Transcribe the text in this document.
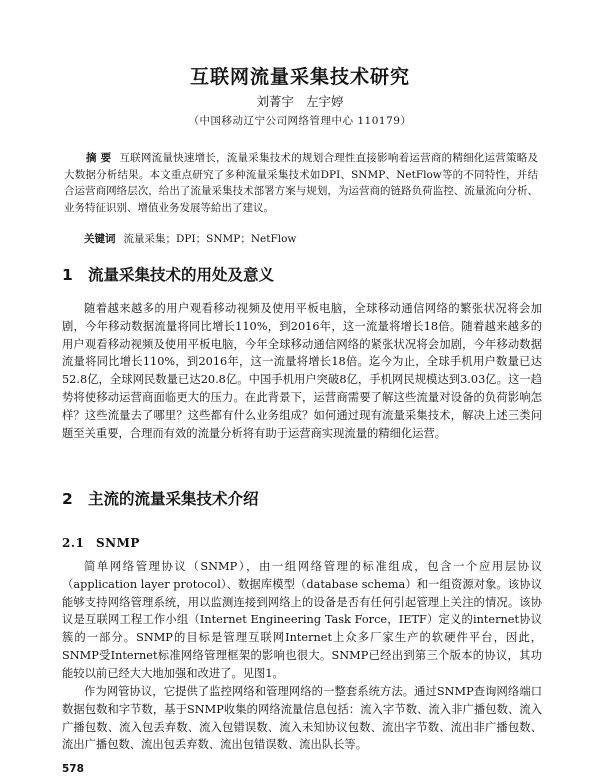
互联网流量采集技术研究
刘菁宇 左宇婷
（中国移动辽宁公司网络管理中心 110179）
摘 要 互联网流量快速增长，流量采集技术的规划合理性直接影响着运营商的精细化运营策略及大数据分析结果。本文重点研究了多种流量采集技术如DPI、SNMP、NetFlow等的不同特性，并结合运营商网络层次，给出了流量采集技术部署方案与规划，为运营商的链路负荷监控、流量流向分析、业务特征识别、增值业务发展等給出了建议。
关键词 流量采集；DPI；SNMP；NetFlow
1 流量采集技术的用处及意义
随着越来越多的用户观看移动视频及使用平板电脑，全球移动通信网络的繁张状况将会加剧，今年移动数据流量将同比增长110%，到2016年，这一流量将增长18倍。随着越来越多的用户观看移动视频及使用平板电脑，今年全球移动通信网络的紧张状况将会加剧，今年移动数据流量将同比增长110%，到2016年，这一流量将增长18倍。迄今为止，全球手机用户数量已达52.8亿，全球网民数量已达20.8亿。中国手机用户突破8亿，手机网民规模达到3.03亿。这一趋势将使移动运营商面临更大的压力。在此背景下，运营商需要了解这些流量对设备的负荷影响怎样？这些流量去了哪里？这些都有什么业务组成？如何通过现有流量采集技术，解决上述三类问题至关重要，合理而有效的流量分析将有助于运营商实现流量的精细化运营。
2 主流的流量采集技术介绍
2.1 SNMP
简单网络管理协议（SNMP），由一组网络管理的标准组成，包含一个应用层协议（application layer protocol）、数据库模型（database schema）和一组资源对象。该协议能够支持网络管理系统，用以监测连接到网络上的设备是否有任何引起管理上关注的情况。该协议是互联网工程工作小组（Internet Engineering Task Force，IETF）定义的internet协议簇的一部分。SNMP的目标是管理互联网Internet上众多厂家生产的软硬件平台，因此，SNMP受Internet标准网络管理框架的影响也很大。SNMP已经出到第三个版本的协议，其功能较以前已经大大地加强和改进了。见图1。
作为网管协议，它提供了监控网络和管理网络的一整套系统方法。通过SNMP查询网络端口数据包数和字节数，基于SNMP收集的网络流量信息包括：流入字节数、流入非广播包数、流入广播包数、流入包丢弃数、流入包错误数、流入未知协议包数、流出字节数、流出非广播包数、流出广播包数、流出包丢弃数、流出包错误数、流出队长等。
578
